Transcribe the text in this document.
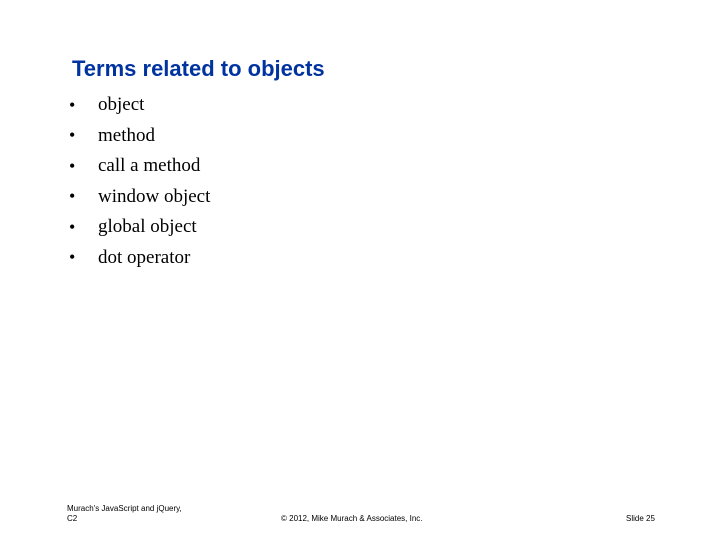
Terms related to objects
•	object
•	method
•	call a method
•	window object
•	global object
•	dot operator
Murach's JavaScript and jQuery,
C2	© 2012, Mike Murach & Associates, Inc.	Slide 25
